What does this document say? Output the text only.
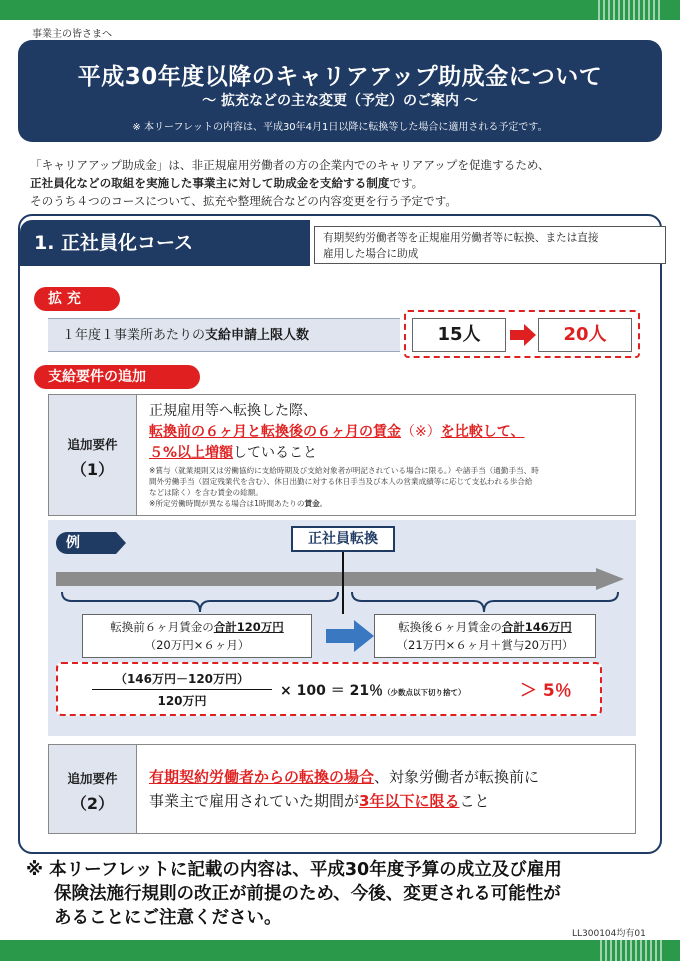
事業主の皆さまへ
平成30年度以降のキャリアアップ助成金について
～ 拡充などの主な変更（予定）のご案内 ～
※ 本リーフレットの内容は、平成30年4月1日以降に転換等した場合に適用される予定です。
「キャリアアップ助成金」は、非正規雇用労働者の方の企業内でのキャリアアップを促進するため、
正社員化などの取組を実施した事業主に対して助成金を支給する制度です。
そのうち４つのコースについて、拡充や整理統合などの内容変更を行う予定です。
1. 正社員化コース	有期契約労働者等を正規雇用労働者等に転換、または直接
雇用した場合に助成
拡 充
１年度１事業所あたりの支給申請上限人数	15人	20人
支給要件の追加
追加要件
（1）
正規雇用等へ転換した際、
転換前の６ヶ月と転換後の６ヶ月の賃金（※）を比較して、
５%以上増額していること
※賞与（就業規則又は労働協約に支給時期及び支給対象者が明記されている場合に限る。）や諸手当（通勤手当、時
間外労働手当（固定残業代を含む）、休日出勤に対する休日手当及び本人の営業成績等に応じて支払われる歩合給
などは除く）を含む賃金の総額。
※所定労働時間が異なる場合は1時間あたりの賃金。
例	正社員転換
転換前６ヶ月賃金の合計120万円
（20万円×６ヶ月）
転換後６ヶ月賃金の合計146万円
（21万円×６ヶ月＋賞与20万円）
（146万円－120万円）
120万円
× 100 ＝ 21％（少数点以下切り捨て）	＞ 5％
追加要件
（2）
有期契約労働者からの転換の場合、対象労働者が転換前に
事業主で雇用されていた期間が3年以下に限ること
※ 本リーフレットに記載の内容は、平成30年度予算の成立及び雇用
保険法施行規則の改正が前提のため、今後、変更される可能性が
あることにご注意ください。
LL300104均有01
